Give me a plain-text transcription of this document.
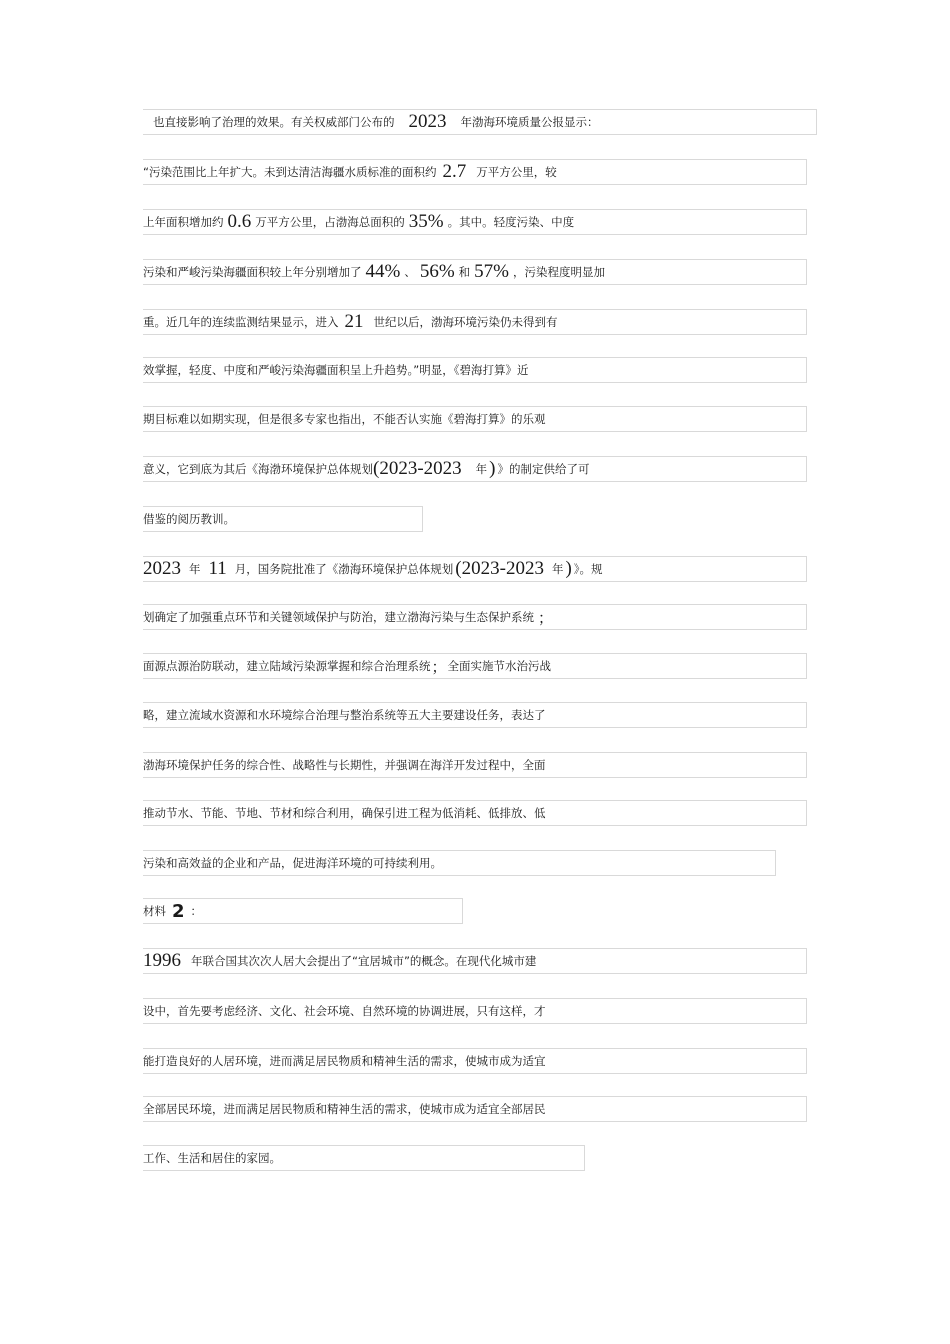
也直接影响了治理的效果。有关权威部门公布的 2023 年渤海环境质量公报显示：
“污染范围比上年扩大。未到达清洁海疆水质标准的面积约 2.7 万平方公里，较
上年面积增加约 0.6 万平方公里，占渤海总面积的 35% 。其中。轻度污染、中度
污染和严峻污染海疆面积较上年分别增加了 44% 、 56% 和 57% ，污染程度明显加
重。近几年的连续监测结果显示，进入 21 世纪以后，渤海环境污染仍未得到有
效掌握，轻度、中度和严峻污染海疆面积呈上升趋势。”明显，《碧海打算》近
期目标难以如期实现，但是很多专家也指出，不能否认实施《碧海打算》的乐观
意义，它到底为其后《海渤环境保护总体规划 (2023-2023 年 ) 》的制定供给了可
借鉴的阅历教训。
2023 年 11 月，国务院批准了《渤海环境保护总体规划 (2023-2023 年 ) 》。规
划确定了加强重点环节和关键领域保护与防治，建立渤海污染与生态保护系统 ；
面源点源治防联动，建立陆域污染源掌握和综合治理系统 ； 全面实施节水治污战
略，建立流域水资源和水环境综合治理与整治系统等五大主要建设任务，表达了
渤海环境保护任务的综合性、战略性与长期性，并强调在海洋开发过程中，全面
推动节水、节能、节地、节材和综合利用，确保引进工程为低消耗、低排放、低
污染和高效益的企业和产品，促进海洋环境的可持续利用。
材料 2 ：
1996 年联合国其次次人居大会提出了“宜居城市”的概念。在现代化城市建
设中，首先要考虑经济、文化、社会环境、自然环境的协调进展，只有这样，才
能打造良好的人居环境，进而满足居民物质和精神生活的需求，使城市成为适宜
全部居民环境，进而满足居民物质和精神生活的需求，使城市成为适宜全部居民
工作、生活和居住的家园。
